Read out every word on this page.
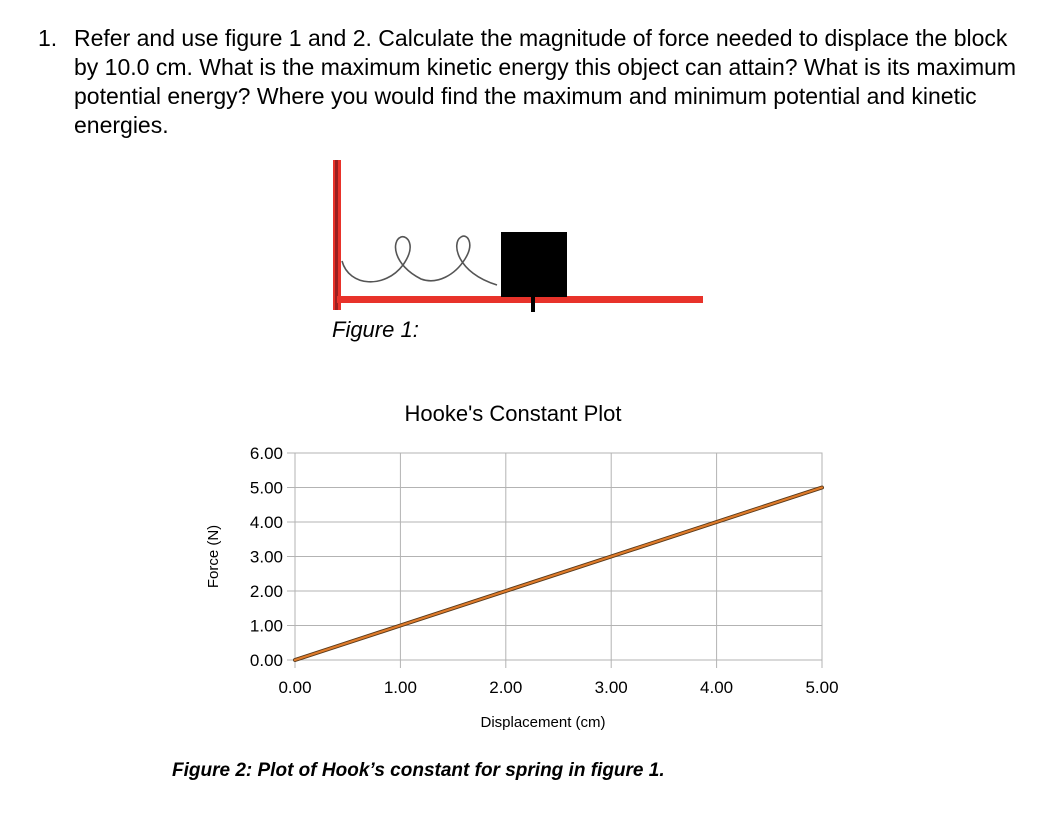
1. Refer and use figure 1 and 2. Calculate the magnitude of force needed to displace the block by 10.0 cm. What is the maximum kinetic energy this object can attain? What is its maximum potential energy? Where you would find the maximum and minimum potential and kinetic energies.
Figure 1:
Hooke's Constant Plot
0.00
1.00
2.00
3.00
4.00
5.00
6.00
0.00	1.00	2.00	3.00	4.00	5.00
Force (N)
Displacement (cm)
Figure 2: Plot of Hook’s constant for spring in figure 1.
